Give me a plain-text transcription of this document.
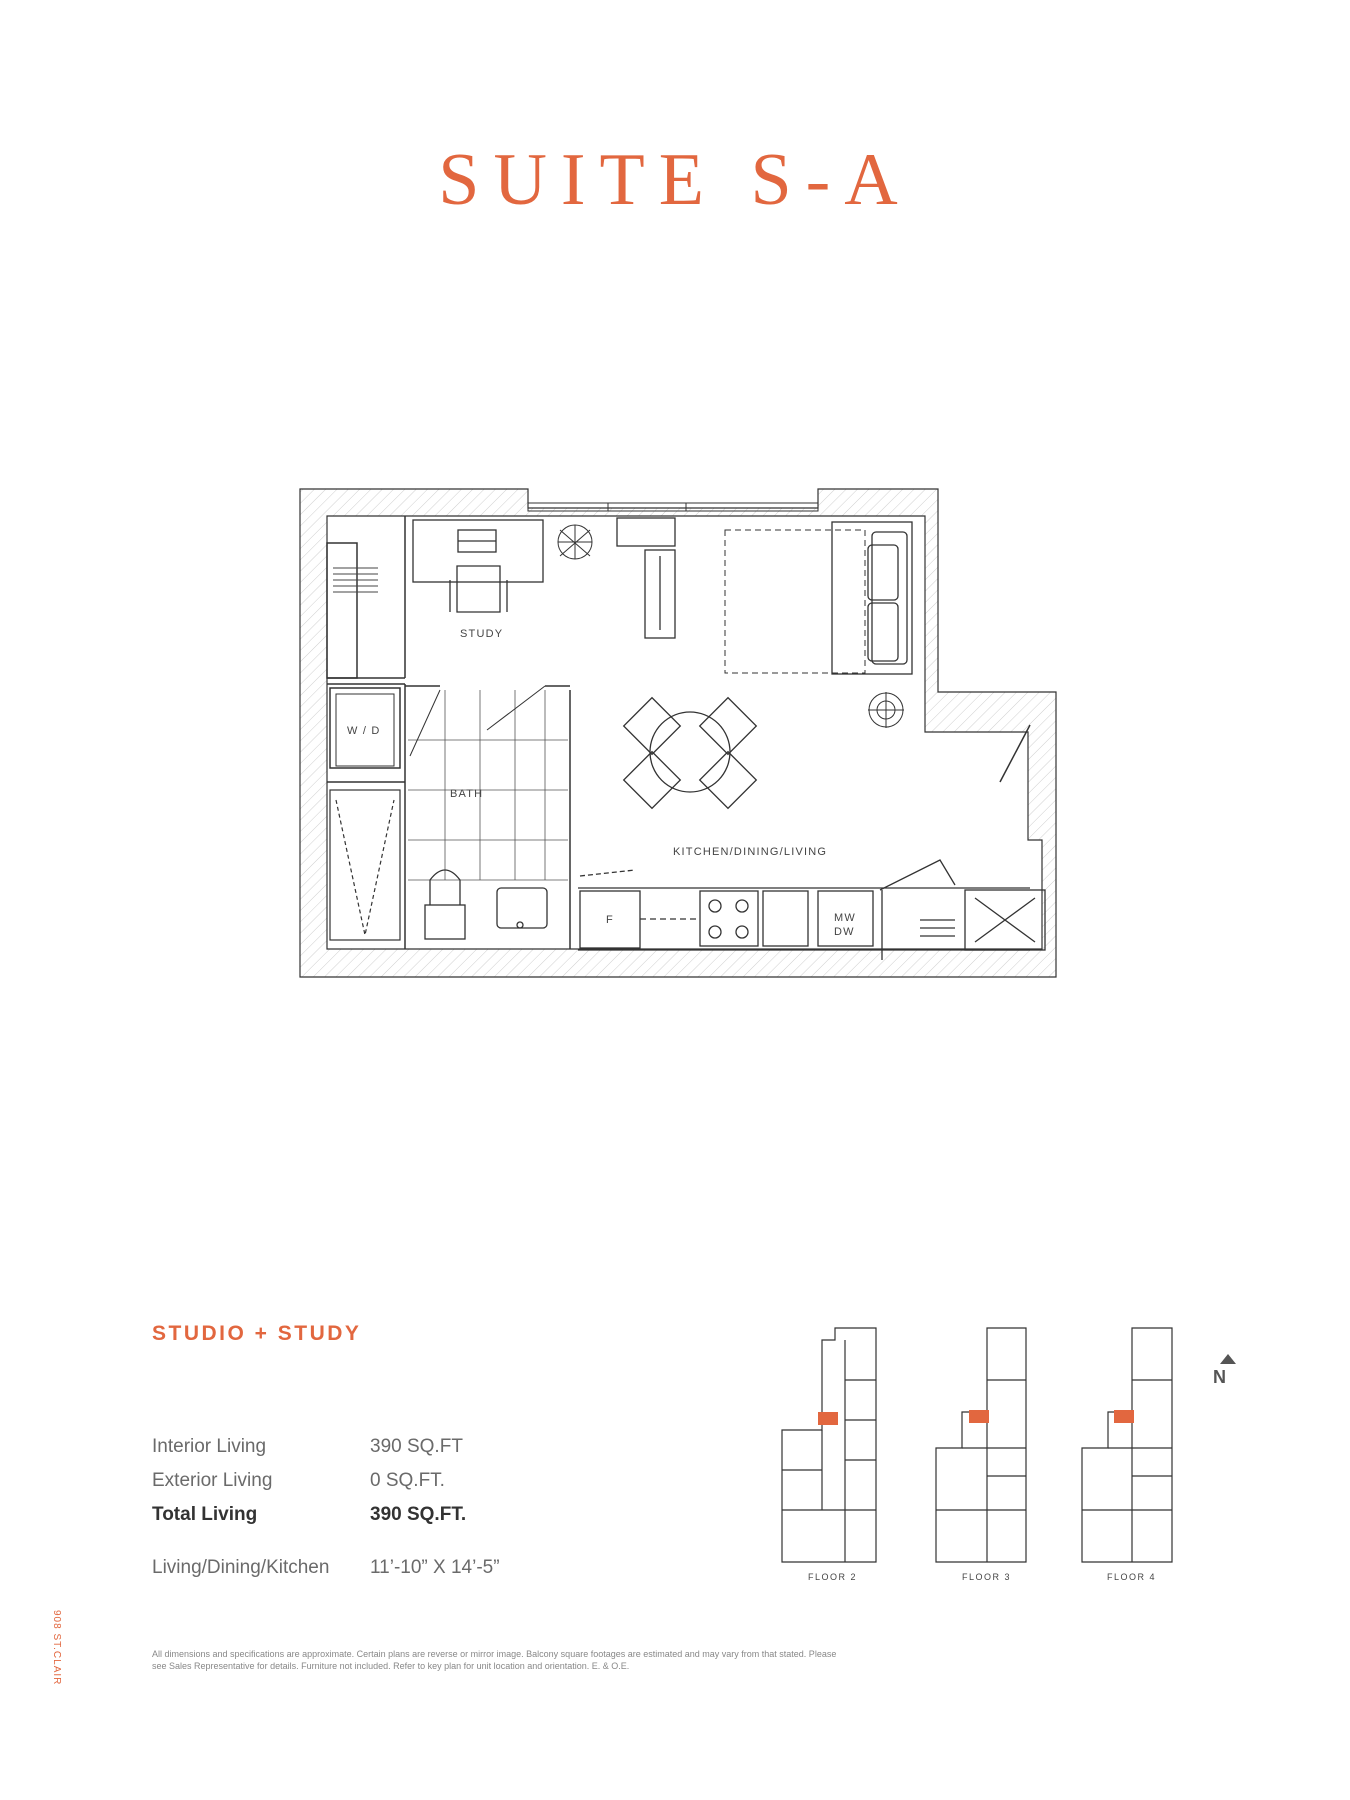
SUITE S-A
STUDY
W / D
BATH
KITCHEN/DINING/LIVING
F	MW
DW
FLOOR 2	FLOOR 3	FLOOR 4
STUDIO + STUDY
Interior Living	390 SQ.FT
Exterior Living	0 SQ.FT.
Total Living	390 SQ.FT.
Living/Dining/Kitchen 11’-10” X 14’-5”
N
All dimensions and specifications are approximate. Certain plans are reverse or mirror image. Balcony square footages are estimated and may vary from that stated. Please see Sales Representative for details. Furniture not included. Refer to key plan for unit location and orientation. E. & O.E.
908 ST.CLAIR
